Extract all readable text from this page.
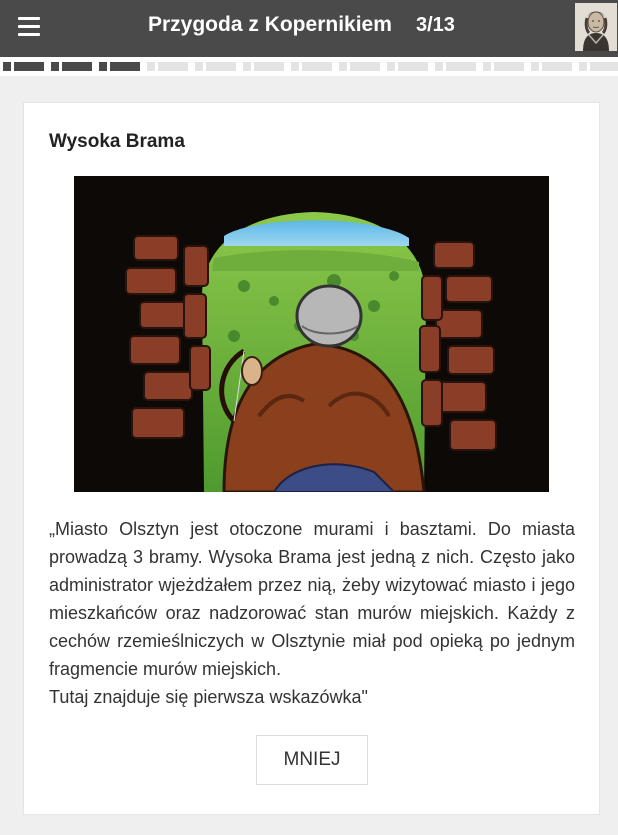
Przygoda z Kopernikiem 3/13
Wysoka Brama

„Miasto Olsztyn jest otoczone murami i basztami. Do miasta prowadzą 3 bramy. Wysoka Brama jest jedną z nich. Często jako administrator wjeżdżałem przez nią, żeby wizytować miasto i jego mieszkańców oraz nadzorować stan murów miejskich. Każdy z cechów rzemieślniczych w Olsztynie miał pod opieką po jednym fragmencie murów miejskich.

Tutaj znajduje się pierwsza wskazówka"

MNIEJ
